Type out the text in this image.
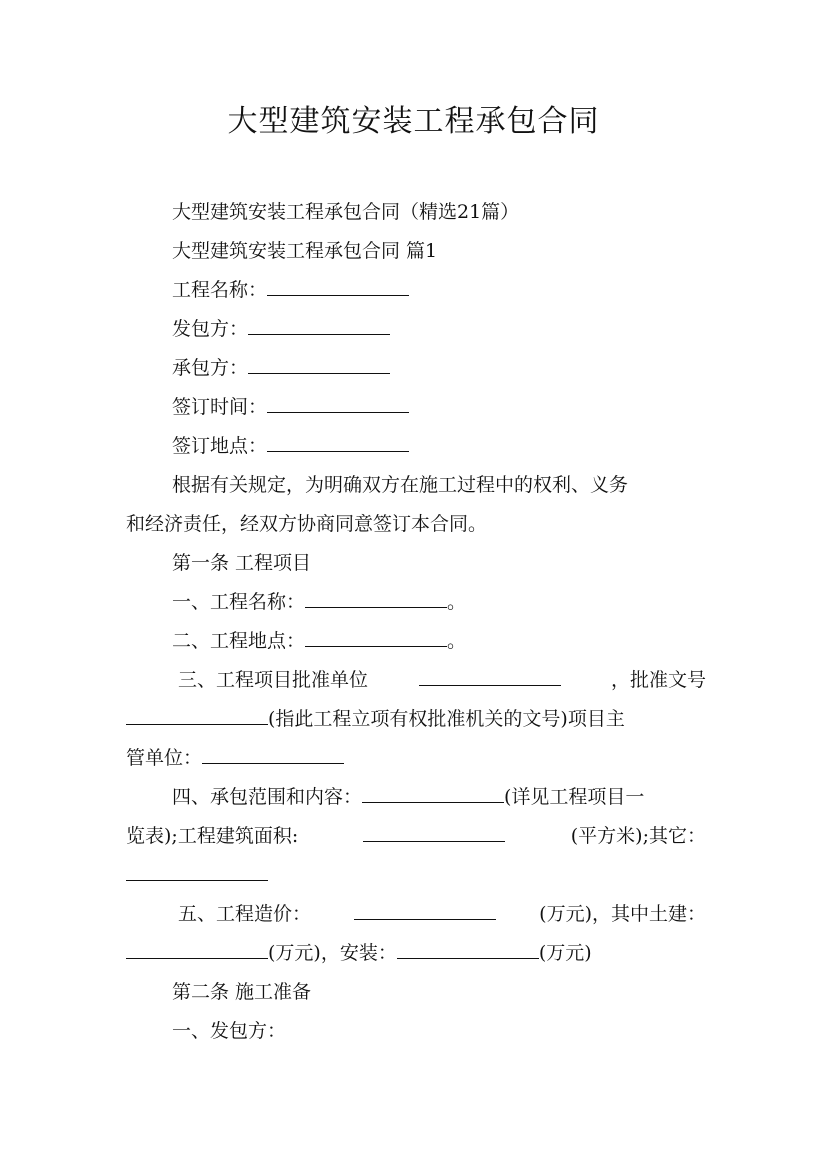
大型建筑安装工程承包合同
大型建筑安装工程承包合同（精选21篇）
大型建筑安装工程承包合同 篇1
工程名称：
发包方：
承包方：
签订时间：
签订地点：
根据有关规定，为明确双方在施工过程中的权利、义务
和经济责任，经双方协商同意签订本合同。
第一条 工程项目
一、工程名称：	。
二、工程地点：	。
三、工程项目批准单位	，批准文号
(指此工程立项有权批准机关的文号)项目主
管单位：
四、承包范围和内容：	(详见工程项目一
览表);工程建筑面积:	(平方米);其它：
五、工程造价：	(万元)，其中土建：
(万元)，安装：	(万元)
第二条 施工准备
一、发包方：
